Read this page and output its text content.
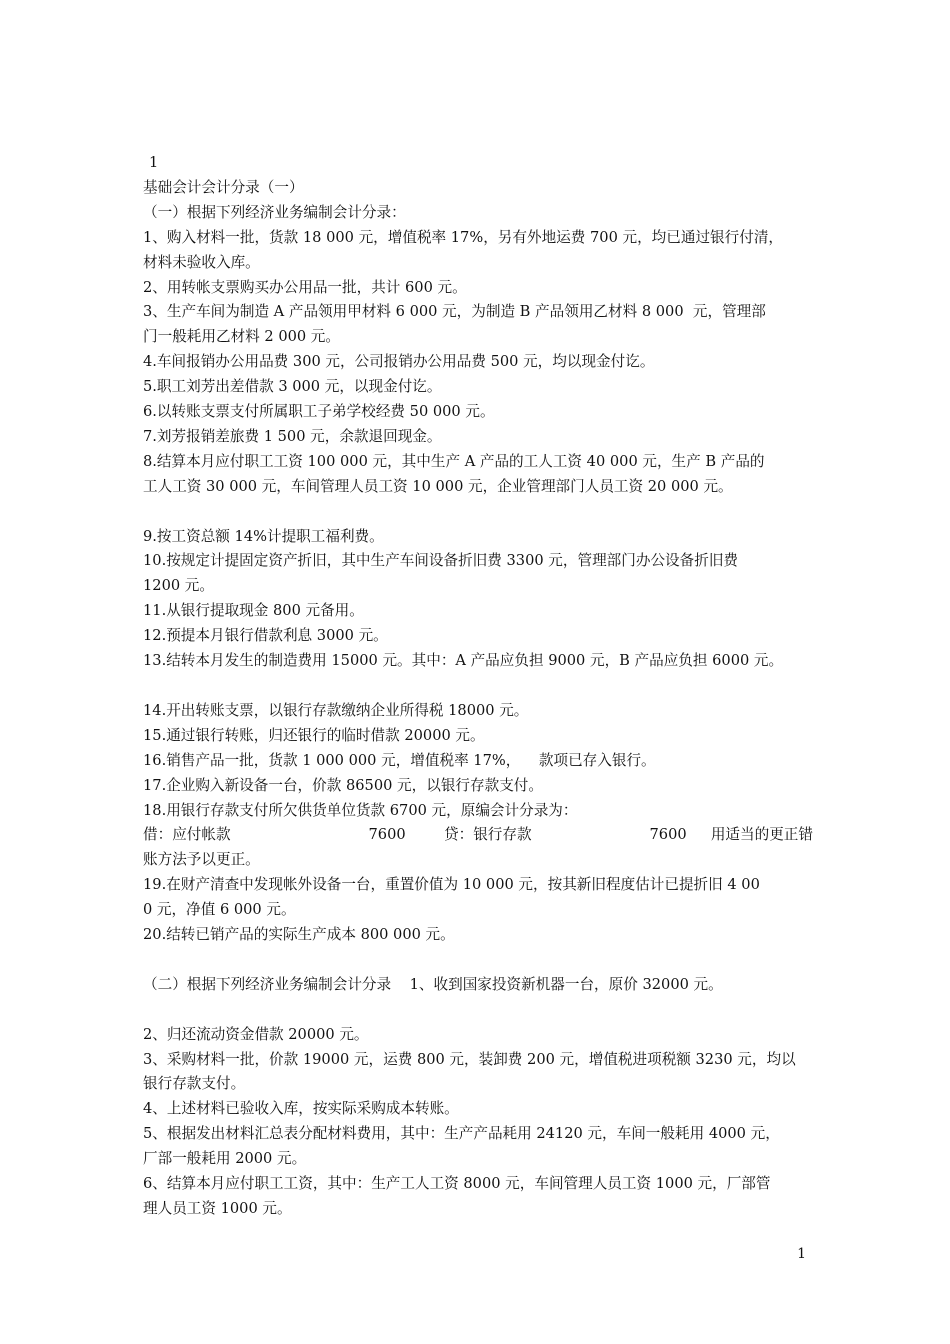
1

基础会计会计分录（一）

（一）根据下列经济业务编制会计分录：

1、购入材料一批，货款 18 000 元，增值税率 17%，另有外地运费 700 元，均已通过银行付清，

材料未验收入库。

2、用转帐支票购买办公用品一批，共计 600 元。

3、生产车间为制造 A 产品领用甲材料 6 000 元，为制造 B 产品领用乙材料 8 000  元，管理部

门一般耗用乙材料 2 000 元。

4.车间报销办公用品费 300 元，公司报销办公用品费 500 元，均以现金付讫。

5.职工刘芳出差借款 3 000 元，以现金付讫。

6.以转账支票支付所属职工子弟学校经费 50 000 元。

7.刘芳报销差旅费 1 500 元，余款退回现金。

8.结算本月应付职工工资 100 000 元，其中生产 A 产品的工人工资 40 000 元，生产 B 产品的

工人工资 30 000 元，车间管理人员工资 10 000 元，企业管理部门人员工资 20 000 元。

9.按工资总额 14%计提职工福利费。

10.按规定计提固定资产折旧，其中生产车间设备折旧费 3300 元，管理部门办公设备折旧费

1200 元。

11.从银行提取现金 800 元备用。

12.预提本月银行借款利息 3000 元。

13.结转本月发生的制造费用 15000 元。其中：A 产品应负担 9000 元，B 产品应负担 6000 元。

14.开出转账支票，以银行存款缴纳企业所得税 18000 元。

15.通过银行转账，归还银行的临时借款 20000 元。

16.销售产品一批，货款 1 000 000 元，增值税率 17%，    款项已存入银行。

17.企业购入新设备一台，价款 86500 元，以银行存款支付。

18.用银行存款支付所欠供货单位货款 6700 元，原编会计分录为：

借：应付帐款	7600	贷：银行存款	7600	用适当的更正错

账方法予以更正。

19.在财产清查中发现帐外设备一台，重置价值为 10 000 元，按其新旧程度估计已提折旧 4 00

0 元，净值 6 000 元。

20.结转已销产品的实际生产成本 800 000 元。

（二）根据下列经济业务编制会计分录    1、收到国家投资新机器一台，原价 32000 元。

2、归还流动资金借款 20000 元。

3、采购材料一批，价款 19000 元，运费 800 元，装卸费 200 元，增值税进项税额 3230 元，均以

银行存款支付。

4、上述材料已验收入库，按实际采购成本转账。

5、根据发出材料汇总表分配材料费用，其中：生产产品耗用 24120 元，车间一般耗用 4000 元，

厂部一般耗用 2000 元。

6、结算本月应付职工工资，其中：生产工人工资 8000 元，车间管理人员工资 1000 元，厂部管

理人员工资 1000 元。

1
